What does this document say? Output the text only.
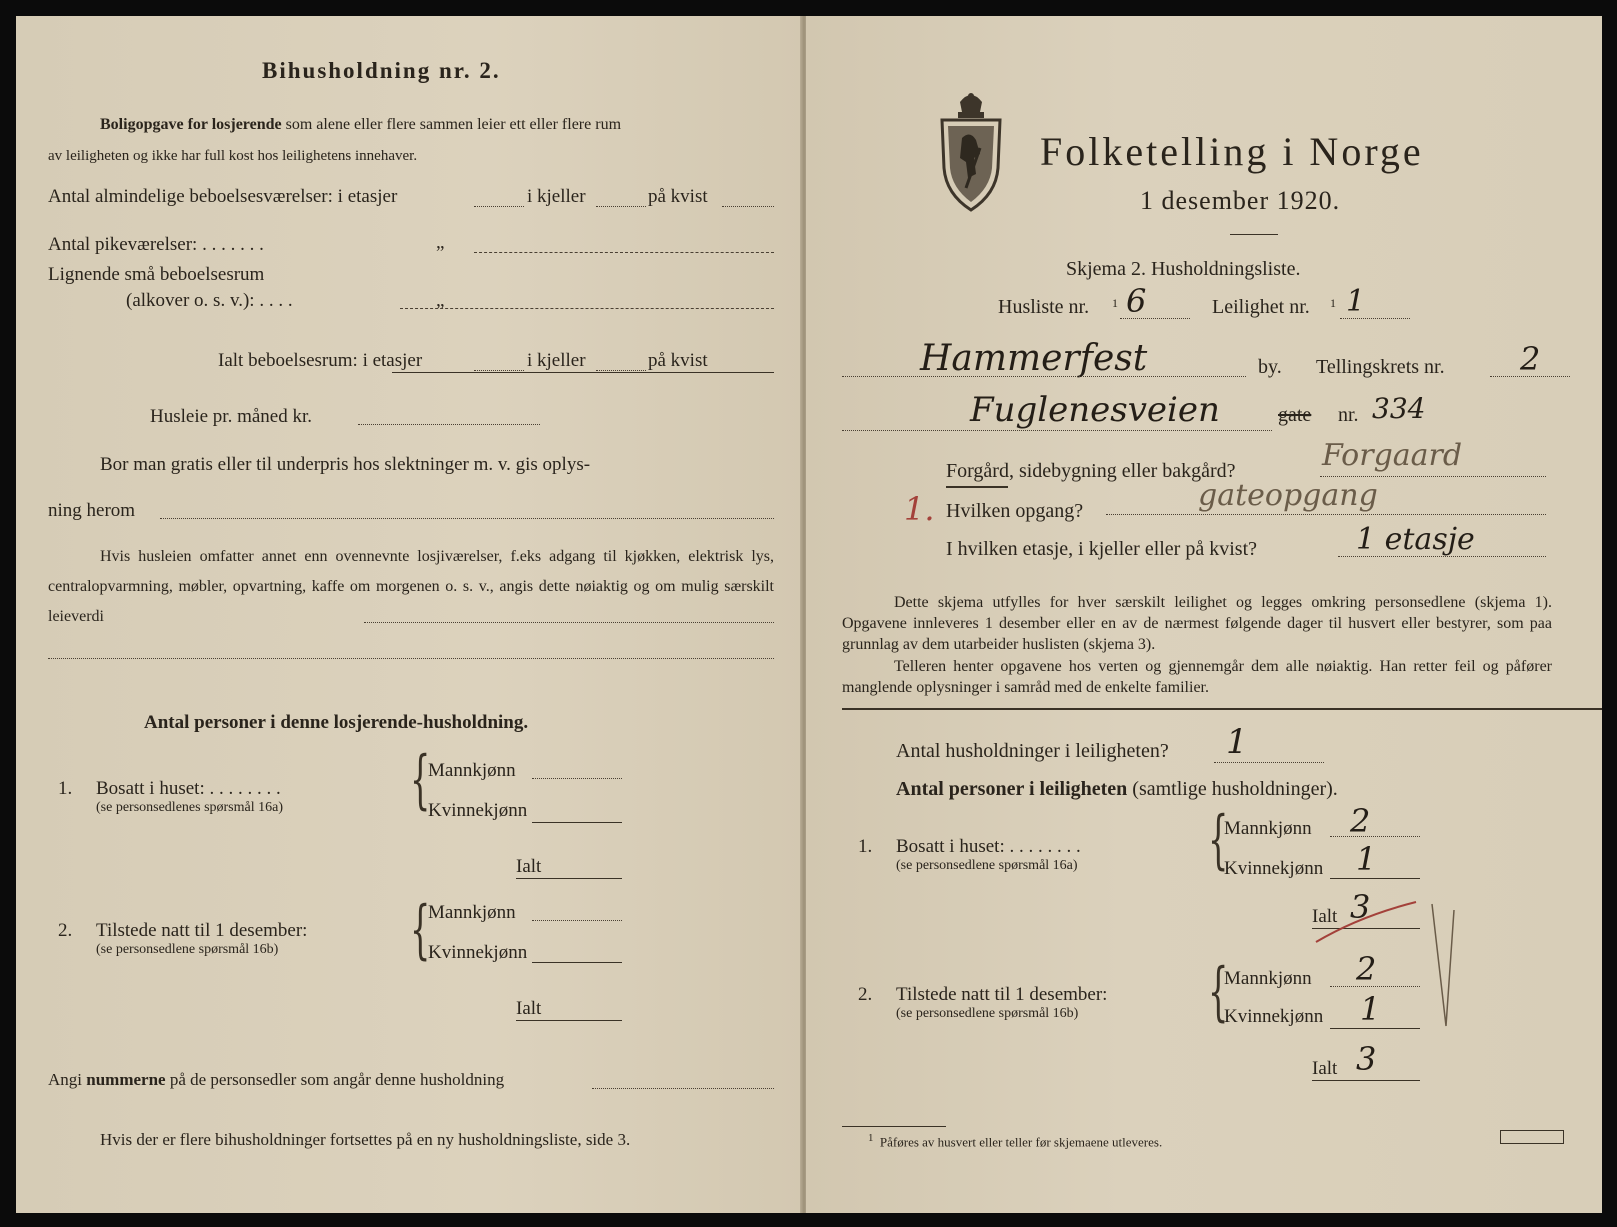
Bihusholdning nr. 2.
Boligopgave for losjerende som alene eller flere sammen leier ett eller flere rum
av leiligheten og ikke har full kost hos leilighetens innehaver.
Antal almindelige beboelsesværelser: i etasjer	i kjeller	på kvist
Antal pikeværelser: . . . . . . .	„
Lignende små beboelsesrum
(alkover o. s. v.): . . . .	„
Ialt beboelsesrum: i etasjer	i kjeller	på kvist
Husleie pr. måned kr.
Bor man gratis eller til underpris hos slektninger m. v. gis oplys-
ning herom
Hvis husleien omfatter annet enn ovennevnte losjiværelser, f.eks adgang til kjøkken, elektrisk lys, centralopvarmning, møbler, opvartning, kaffe om morgenen o. s. v., angis dette nøiaktig og om mulig særskilt leieverdi
Antal personer i denne losjerende-husholdning.
1. Bosatt i huset: . . . . . . . .
(se personsedlenes spørsmål 16a) {
Mannkjønn
Kvinnekjønn
Ialt
2. Tilstede natt til 1 desember:
(se personsedlene spørsmål 16b) {
Mannkjønn
Kvinnekjønn
Ialt
Angi nummerne på de personsedler som angår denne husholdning
Hvis der er flere bihusholdninger fortsettes på en ny husholdningsliste, side 3.
Folketelling i Norge
1 desember 1920.
Skjema 2. Husholdningsliste.
Husliste nr. 1 6	Leilighet nr. 1 1
Hammerfest	by. Tellingskrets nr. 2
Fuglenesveien	gate nr. 334
Forgård, sidebygning eller bakgård?	Forgaard
1. Hvilken opgang?	gateopgang
I hvilken etasje, i kjeller eller på kvist?	1 etasje
Dette skjema utfylles for hver særskilt leilighet og legges omkring personsedlene (skjema 1). Opgavene innleveres 1 desember eller en av de nærmest følgende dager til husvert eller bestyrer, som paa grunnlag av dem utarbeider huslisten (skjema 3).
Telleren henter opgavene hos verten og gjennemgår dem alle nøiaktig. Han retter feil og påfører manglende oplysninger i samråd med de enkelte familier.
Antal husholdninger i leiligheten? 1
Antal personer i leiligheten (samtlige husholdninger).
1. Bosatt i huset: . . . . . . . .
(se personsedlene spørsmål 16a) {
Mannkjønn 2
Kvinnekjønn 1
Ialt 3
2. Tilstede natt til 1 desember:
(se personsedlene spørsmål 16b) {
Mannkjønn 2
Kvinnekjønn 1
Ialt 3
$^1$ Påføres av husvert eller teller før skjemaene utleveres.
